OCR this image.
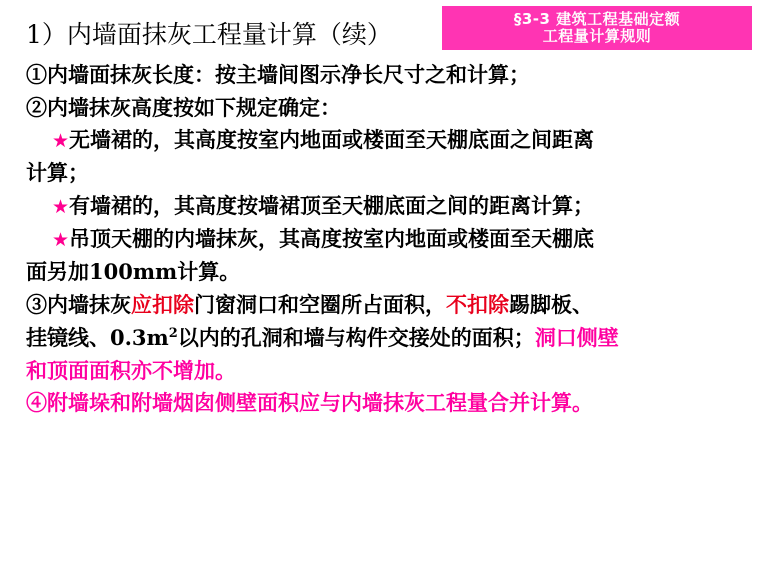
§3-3 建筑工程基础定额
工程量计算规则
1）内墙面抹灰工程量计算（续）

①内墙面抹灰长度：按主墙间图示净长尺寸之和计算；

②内墙抹灰高度按如下规定确定：

★无墙裙的，其高度按室内地面或楼面至天棚底面之间距离

计算；

★有墙裙的，其高度按墙裙顶至天棚底面之间的距离计算；

★吊顶天棚的内墙抹灰，其高度按室内地面或楼面至天棚底

面另加100mm计算。

③内墙抹灰应扣除门窗洞口和空圈所占面积，不扣除踢脚板、

挂镜线、$0.3m^2$以内的孔洞和墙与构件交接处的面积；洞口侧壁

和顶面面积亦不增加。

④附墙垛和附墙烟囱侧壁面积应与内墙抹灰工程量合并计算。
